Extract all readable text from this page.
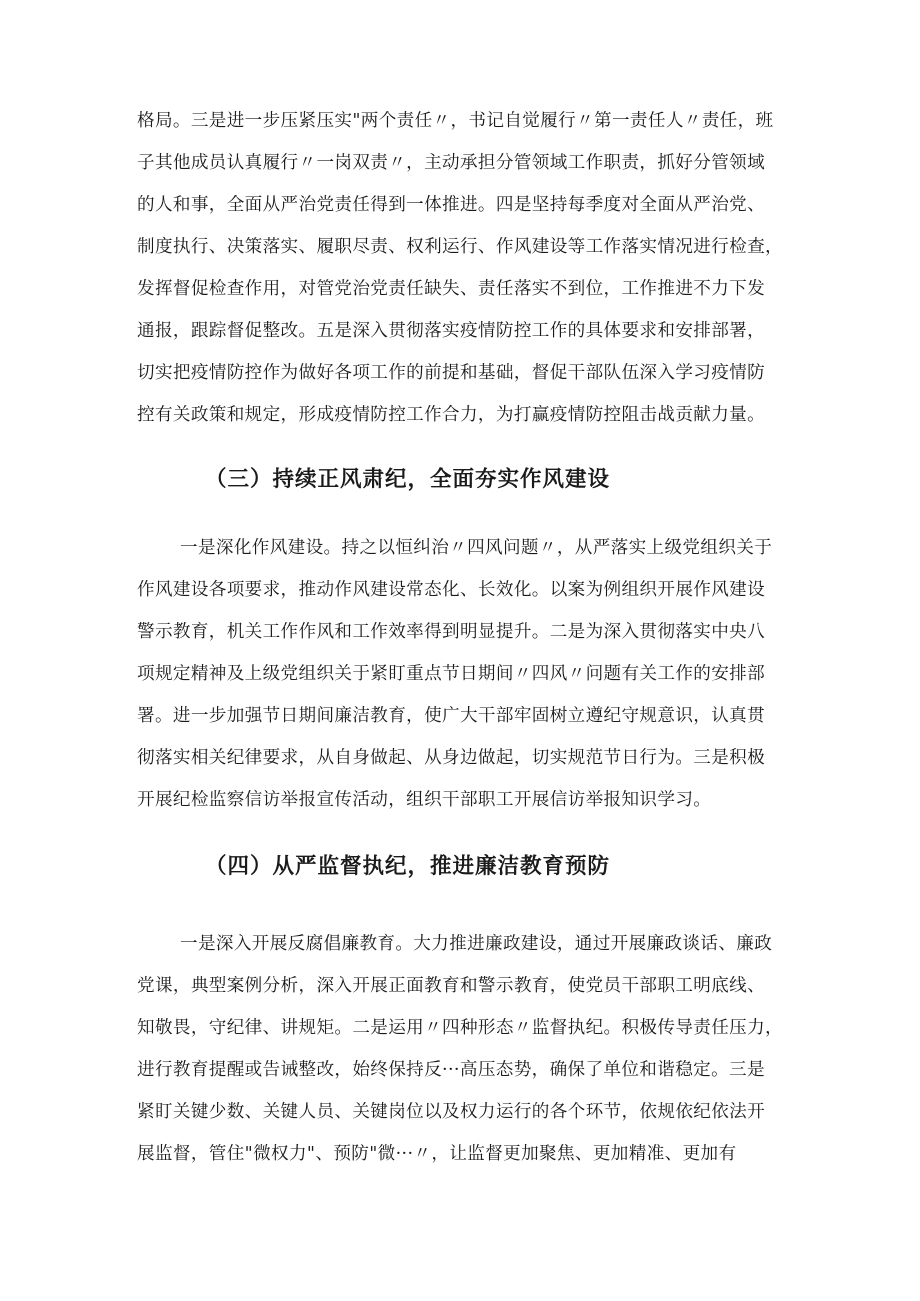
格局。三是进一步压紧压实"两个责任〃，书记自觉履行〃第一责任人〃责任，班
子其他成员认真履行〃一岗双责〃，主动承担分管领域工作职责，抓好分管领域
的人和事，全面从严治党责任得到一体推进。四是坚持每季度对全面从严治党、
制度执行、决策落实、履职尽责、权利运行、作风建设等工作落实情况进行检查，
发挥督促检查作用，对管党治党责任缺失、责任落实不到位，工作推进不力下发
通报，跟踪督促整改。五是深入贯彻落实疫情防控工作的具体要求和安排部署，
切实把疫情防控作为做好各项工作的前提和基础，督促干部队伍深入学习疫情防
控有关政策和规定，形成疫情防控工作合力，为打赢疫情防控阻击战贡献力量。
（三）持续正风肃纪，全面夯实作风建设
一是深化作风建设。持之以恒纠治〃四风问题〃，从严落实上级党组织关于
作风建设各项要求，推动作风建设常态化、长效化。以案为例组织开展作风建设
警示教育，机关工作作风和工作效率得到明显提升。二是为深入贯彻落实中央八
项规定精神及上级党组织关于紧盯重点节日期间〃四风〃问题有关工作的安排部
署。进一步加强节日期间廉洁教育，使广大干部牢固树立遵纪守规意识，认真贯
彻落实相关纪律要求，从自身做起、从身边做起，切实规范节日行为。三是积极
开展纪检监察信访举报宣传活动，组织干部职工开展信访举报知识学习。
（四）从严监督执纪，推进廉洁教育预防
一是深入开展反腐倡廉教育。大力推进廉政建设，通过开展廉政谈话、廉政
党课，典型案例分析，深入开展正面教育和警示教育，使党员干部职工明底线、
知敬畏，守纪律、讲规矩。二是运用〃四种形态〃监督执纪。积极传导责任压力，
进行教育提醒或告诫整改，始终保持反···高压态势，确保了单位和谐稳定。三是
紧盯关键少数、关键人员、关键岗位以及权力运行的各个环节，依规依纪依法开
展监督，管住"微权力"、预防"微···〃，让监督更加聚焦、更加精准、更加有
